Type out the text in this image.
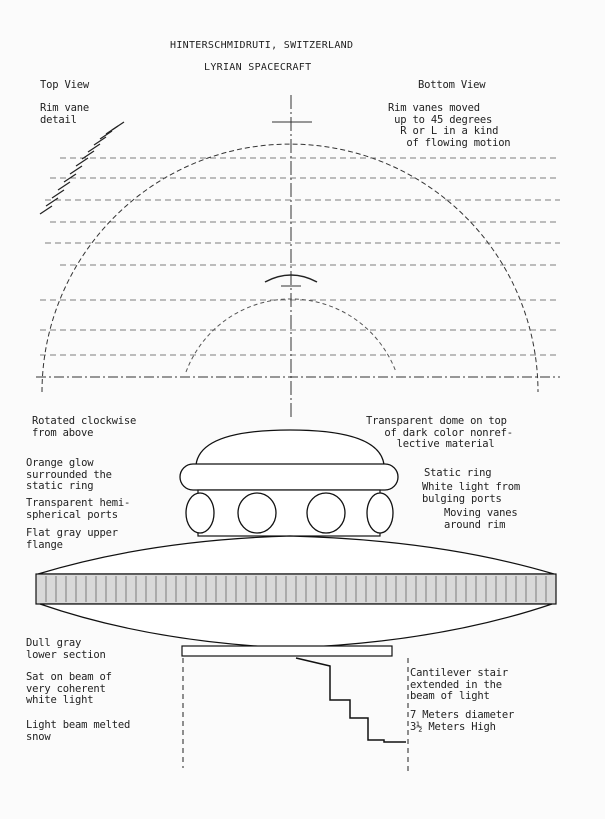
HINTERSCHMIDRUTI, SWITZERLAND
LYRIAN SPACECRAFT
Top View	Bottom View
Rim vane
detail
Rim vanes moved
up to 45 degrees
R or L in a kind
of flowing motion
Rotated clockwise
from above
Transparent dome on top
of dark color nonref-
lective material
Orange glow
surrounded the
static ring
Transparent hemi-
spherical ports
Flat gray upper
flange
Static ring
White light from
bulging ports
Moving vanes
around rim
Dull gray
lower section
Sat on beam of
very coherent
white light
Light beam melted
snow
Cantilever stair
extended in the
beam of light
7 Meters diameter
3½ Meters High
